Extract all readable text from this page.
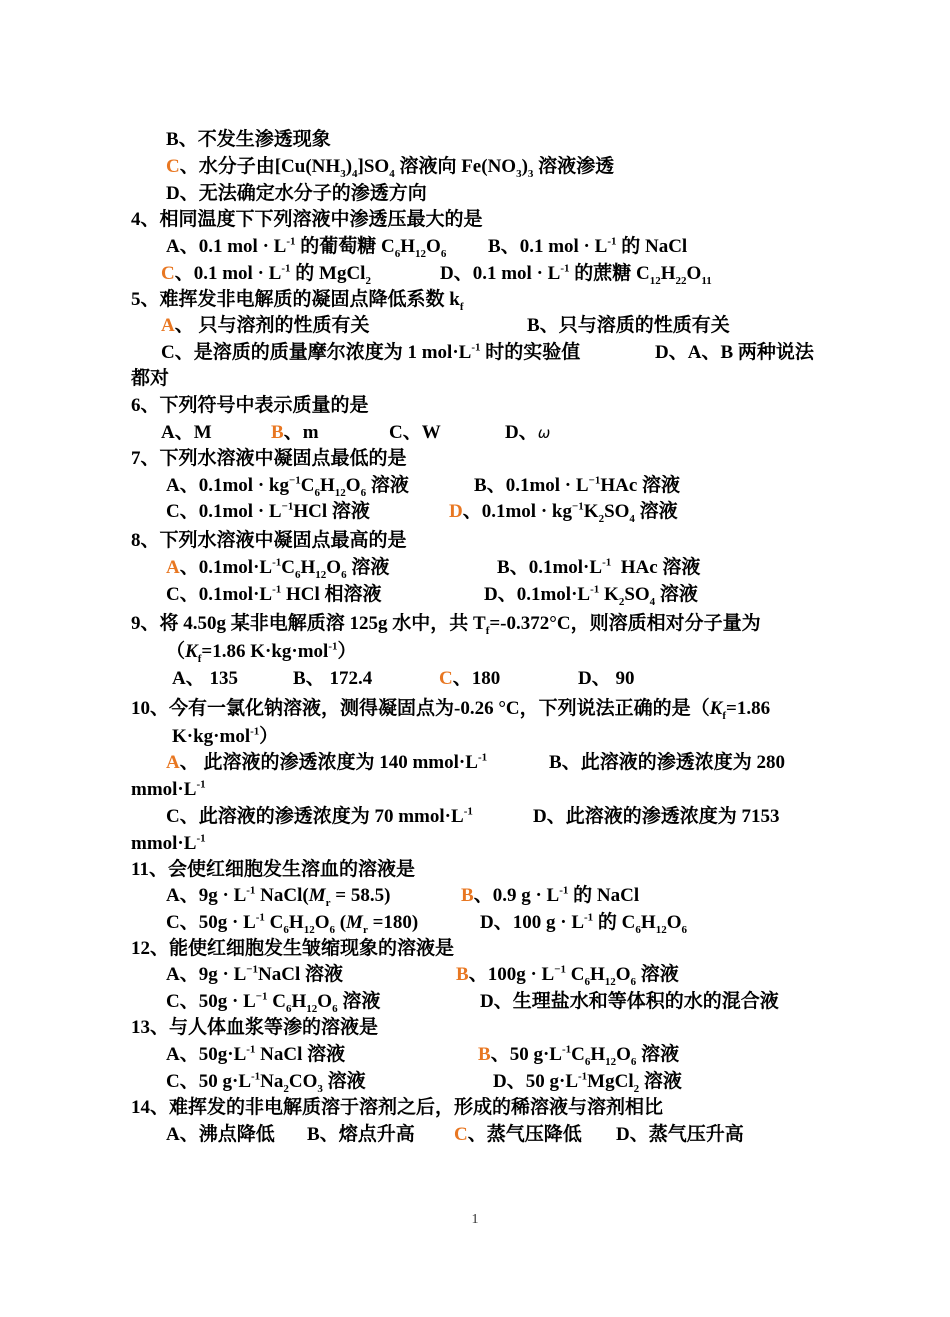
B、不发生渗透现象
C、水分子由$[Cu(NH_3)_4]SO_4$ 溶液向 $Fe(NO_3)_3$ 溶液渗透
D、无法确定水分子的渗透方向
4、相同温度下下列溶液中渗透压最大的是
A、0.1 mol · $L^{-1}$ 的葡萄糖 $C_6H_{12}O_6$ B、0.1 mol · $L^{-1}$ 的 NaCl
C、0.1 mol · $L^{-1}$ 的 MgCl$_2$	D、0.1 mol · $L^{-1}$ 的蔗糖 $C_{12}H_{22}O_{11}$
5、难挥发非电解质的凝固点降低系数 $k_f$
A、 只与溶剂的性质有关	B、只与溶质的性质有关
C、是溶质的质量摩尔浓度为 1 $mol\cdot L^{-1}$ 时的实验值	D、A、B 两种说法
都对
6、下列符号中表示质量的是
A、M	B、m	C、W	D、ω
7、下列水溶液中凝固点最低的是
A、$0.1mol \cdot kg^{-1}C_6H_{12}O_6$ 溶液	B、$0.1mol \cdot L^{-1}HAc$ 溶液
C、$0.1mol \cdot L^{-1}HCl$ 溶液	D、$0.1mol \cdot kg^{-1}K_2SO_4$ 溶液
8、下列水溶液中凝固点最高的是
A、$0.1mol\cdot L^{-1}C_6H_{12}O_6$ 溶液	B、$0.1mol\cdot L^{-1}$  HAc 溶液
C、$0.1mol\cdot L^{-1}$ HCl 相溶液	D、$0.1mol\cdot L^{-1}$ $K_2SO_4$ 溶液
9、将 4.50g 某非电解质溶 125g 水中，共 $T_f=-0.372^\circ C$，则溶质相对分子量为
（$K_f=1.86$ K·kg·mol$^{-1}$）
A、 135	B、 172.4	C、180	D、 90
10、今有一氯化钠溶液，测得凝固点为-0.26 °C，下列说法正确的是（$K_f=1.86$
K·kg·mol$^{-1}$）
A、 此溶液的渗透浓度为 140 $mmol\cdot L^{-1}$	B、此溶液的渗透浓度为 280
$mmol\cdot L^{-1}$
C、此溶液的渗透浓度为 70 $mmol\cdot L^{-1}$	D、此溶液的渗透浓度为 7153
$mmol\cdot L^{-1}$
11、会使红细胞发生溶血的溶液是
A、$9g \cdot L^{-1}$ $NaCl(M_r = 58.5)$	B、0.9 $g \cdot L^{-1}$ 的 NaCl
C、$50g \cdot L^{-1}$ $C_6H_{12}O_6$ $(M_r =180)$	D、100 $g \cdot L^{-1}$ 的 $C_6H_{12}O_6$
12、能使红细胞发生皱缩现象的溶液是
A、$9g \cdot L^{-1}NaCl$ 溶液	B、$100g \cdot L^{-1}$ $C_6H_{12}O_6$ 溶液
C、$50g \cdot L^{-1}$ $C_6H_{12}O_6$ 溶液	D、生理盐水和等体积的水的混合液
13、与人体血浆等渗的溶液是
A、$50g\cdot L^{-1}$ NaCl 溶液	B、50 $g\cdot L^{-1}C_6H_{12}O_6$ 溶液
C、50 $g\cdot L^{-1}Na_2CO_3$ 溶液	D、50 $g\cdot L^{-1}MgCl_2$ 溶液
14、难挥发的非电解质溶于溶剂之后，形成的稀溶液与溶剂相比
A、沸点降低 B、熔点升高 C、蒸气压降低 D、蒸气压升高
1
